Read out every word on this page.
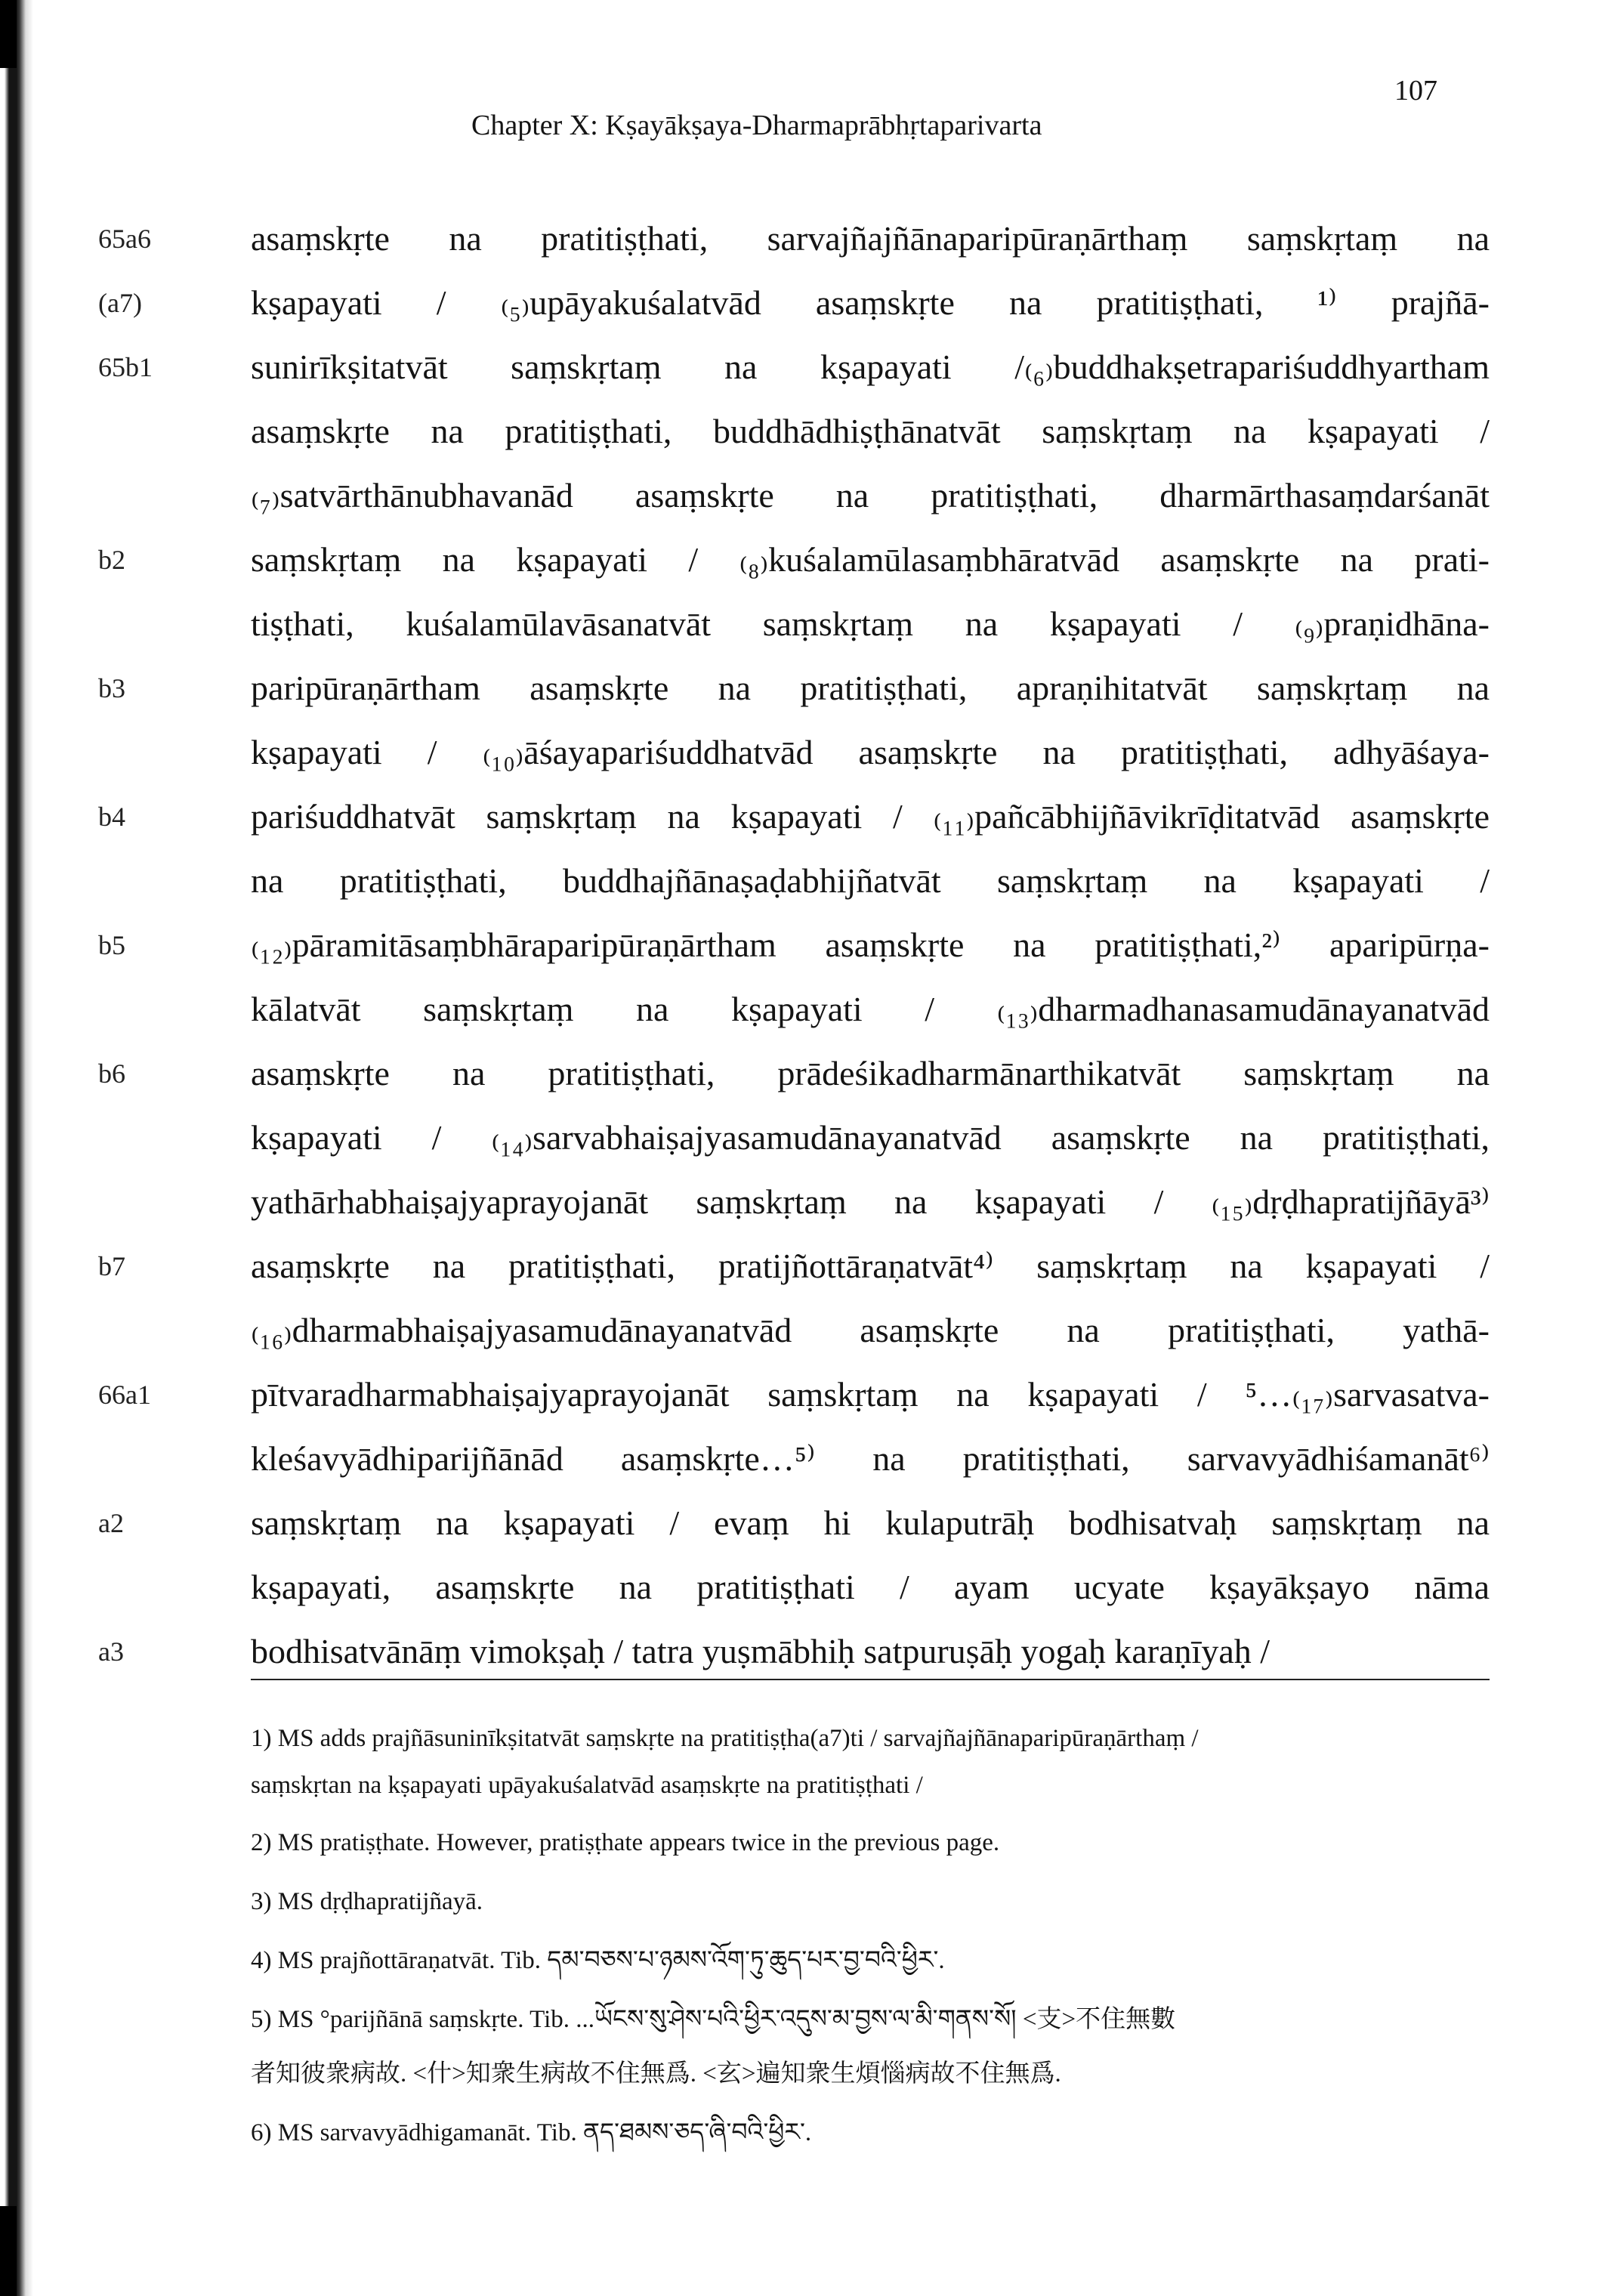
Chapter X: Kṣayākṣaya-Dharmaprābhṛtaparivarta
107
65a6	asaṃskṛte na pratitiṣṭhati, sarvajñajñānaparipūraṇārthaṃ saṃskṛtaṃ na
(a7)	kṣapayati / ₍₅₎upāyakuśalatvād asaṃskṛte na pratitiṣṭhati, ¹⁾ prajñā-
65b1	sunirīkṣitatvāt saṃskṛtaṃ na kṣapayati /₍₆₎buddhakṣetrapariśuddhyartham
asaṃskṛte na pratitiṣṭhati, buddhādhiṣṭhānatvāt saṃskṛtaṃ na kṣapayati /
₍₇₎satvārthānubhavanād asaṃskṛte na pratitiṣṭhati, dharmārthasaṃdarśanāt
b2	saṃskṛtaṃ na kṣapayati / ₍₈₎kuśalamūlasaṃbhāratvād asaṃskṛte na prati-
tiṣṭhati, kuśalamūlavāsanatvāt saṃskṛtaṃ na kṣapayati / ₍₉₎praṇidhāna-
b3	paripūraṇārtham asaṃskṛte na pratitiṣṭhati, apraṇihitatvāt saṃskṛtaṃ na
kṣapayati / ₍₁₀₎āśayapariśuddhatvād asaṃskṛte na pratitiṣṭhati, adhyāśaya-
b4	pariśuddhatvāt saṃskṛtaṃ na kṣapayati / ₍₁₁₎pañcābhijñāvikrīḍitatvād asaṃskṛte
na pratitiṣṭhati, buddhajñānaṣaḍabhijñatvāt saṃskṛtaṃ na kṣapayati /
b5	₍₁₂₎pāramitāsaṃbhāraparipūraṇārtham asaṃskṛte na pratitiṣṭhati,²⁾ aparipūrṇa-
kālatvāt saṃskṛtaṃ na kṣapayati / ₍₁₃₎dharmadhanasamudānayanatvād
b6	asaṃskṛte na pratitiṣṭhati, prādeśikadharmānarthikatvāt saṃskṛtaṃ na
kṣapayati / ₍₁₄₎sarvabhaiṣajyasamudānayanatvād asaṃskṛte na pratitiṣṭhati,
yathārhabhaiṣajyaprayojanāt saṃskṛtaṃ na kṣapayati / ₍₁₅₎dṛḍhapratijñāyā³⁾
b7	asaṃskṛte na pratitiṣṭhati, pratijñottāraṇatvāt⁴⁾ saṃskṛtaṃ na kṣapayati /
₍₁₆₎dharmabhaiṣajyasamudānayanatvād asaṃskṛte na pratitiṣṭhati, yathā-
66a1	pītvaradharmabhaiṣajyaprayojanāt saṃskṛtaṃ na kṣapayati / ⁵…₍₁₇₎sarvasatva-
kleśavyādhiparijñānād asaṃskṛte…⁵⁾ na pratitiṣṭhati, sarvavyādhiśamanāt⁶⁾
a2	saṃskṛtaṃ na kṣapayati / evaṃ hi kulaputrāḥ bodhisatvaḥ saṃskṛtaṃ na
kṣapayati, asaṃskṛte na pratitiṣṭhati / ayam ucyate kṣayākṣayo nāma
a3	bodhisatvānāṃ vimokṣaḥ / tatra yuṣmābhiḥ satpuruṣāḥ yogaḥ karaṇīyaḥ /
1) MS adds prajñāsuninīkṣitatvāt saṃskṛte na pratitiṣṭha(a7)ti / sarvajñajñānaparipūraṇārthaṃ /
saṃskṛtan na kṣapayati upāyakuśalatvād asaṃskṛte na pratitiṣṭhati /
2) MS pratiṣṭhate. However, pratiṣṭhate appears twice in the previous page.
3) MS dṛḍhapratijñayā.
4) MS prajñottāraṇatvāt. Tib. དམ་བཅས་པ་ཉམས་འོག་ཏུ་ཆུད་པར་བྱ་བའི་ཕྱིར་.
5) MS °parijñānā saṃskṛte. Tib. ...ཡོངས་སུ་ཤེས་པའི་ཕྱིར་འདུས་མ་བྱས་ལ་མི་གནས་སོ། <支>不住無數
者知彼衆病故. <什>知衆生病故不住無爲. <玄>遍知衆生煩惱病故不住無爲.
6) MS sarvavyādhigamanāt. Tib. ནད་ཐམས་ཅད་ཞི་བའི་ཕྱིར་.
